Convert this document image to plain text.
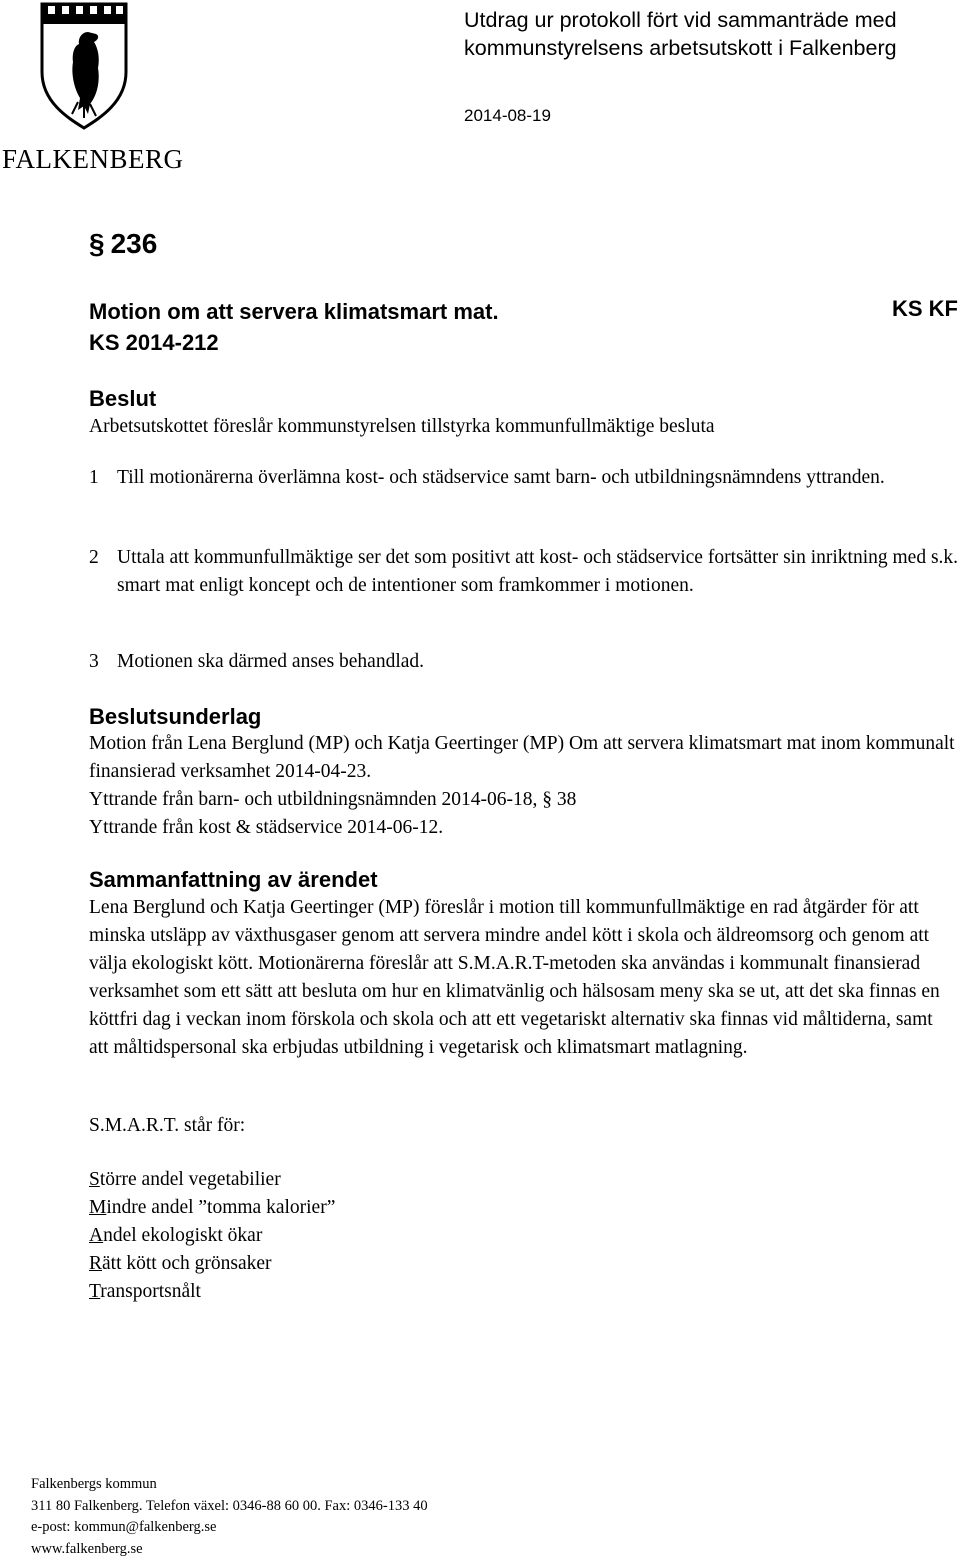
FALKENBERG
Utdrag ur protokoll fört vid sammanträde med
kommunstyrelsens arbetsutskott i Falkenberg
2014-08-19
§ 236
Motion om att servera klimatsmart mat.
KS 2014-212
KS KF
Beslut
Arbetsutskottet föreslår kommunstyrelsen tillstyrka kommunfullmäktige besluta
1 Till motionärerna överlämna kost- och städservice samt barn- och utbildningsnämndens yttranden.
2 Uttala att kommunfullmäktige ser det som positivt att kost- och städservice fortsätter sin inriktning med s.k. smart mat enligt koncept och de intentioner som framkommer i motionen.
3 Motionen ska därmed anses behandlad.
Beslutsunderlag
Motion från Lena Berglund (MP) och Katja Geertinger (MP) Om att servera klimatsmart mat inom kommunalt finansierad verksamhet 2014-04-23.
Yttrande från barn- och utbildningsnämnden 2014-06-18, § 38
Yttrande från kost & städservice 2014-06-12.
Sammanfattning av ärendet
Lena Berglund och Katja Geertinger (MP) föreslår i motion till kommunfullmäktige en rad åtgärder för att minska utsläpp av växthusgaser genom att servera mindre andel kött i skola och äldreomsorg och genom att välja ekologiskt kött. Motionärerna föreslår att S.M.A.R.T-metoden ska användas i kommunalt finansierad verksamhet som ett sätt att besluta om hur en klimatvänlig och hälsosam meny ska se ut, att det ska finnas en köttfri dag i veckan inom förskola och skola och att ett vegetariskt alternativ ska finnas vid måltiderna, samt att måltidspersonal ska erbjudas utbildning i vegetarisk och klimatsmart matlagning.
S.M.A.R.T. står för:
Större andel vegetabilier
Mindre andel ”tomma kalorier”
Andel ekologiskt ökar
Rätt kött och grönsaker
Transportsnålt
Falkenbergs kommun
311 80 Falkenberg. Telefon växel: 0346-88 60 00. Fax: 0346-133 40
e-post: kommun@falkenberg.se
www.falkenberg.se
